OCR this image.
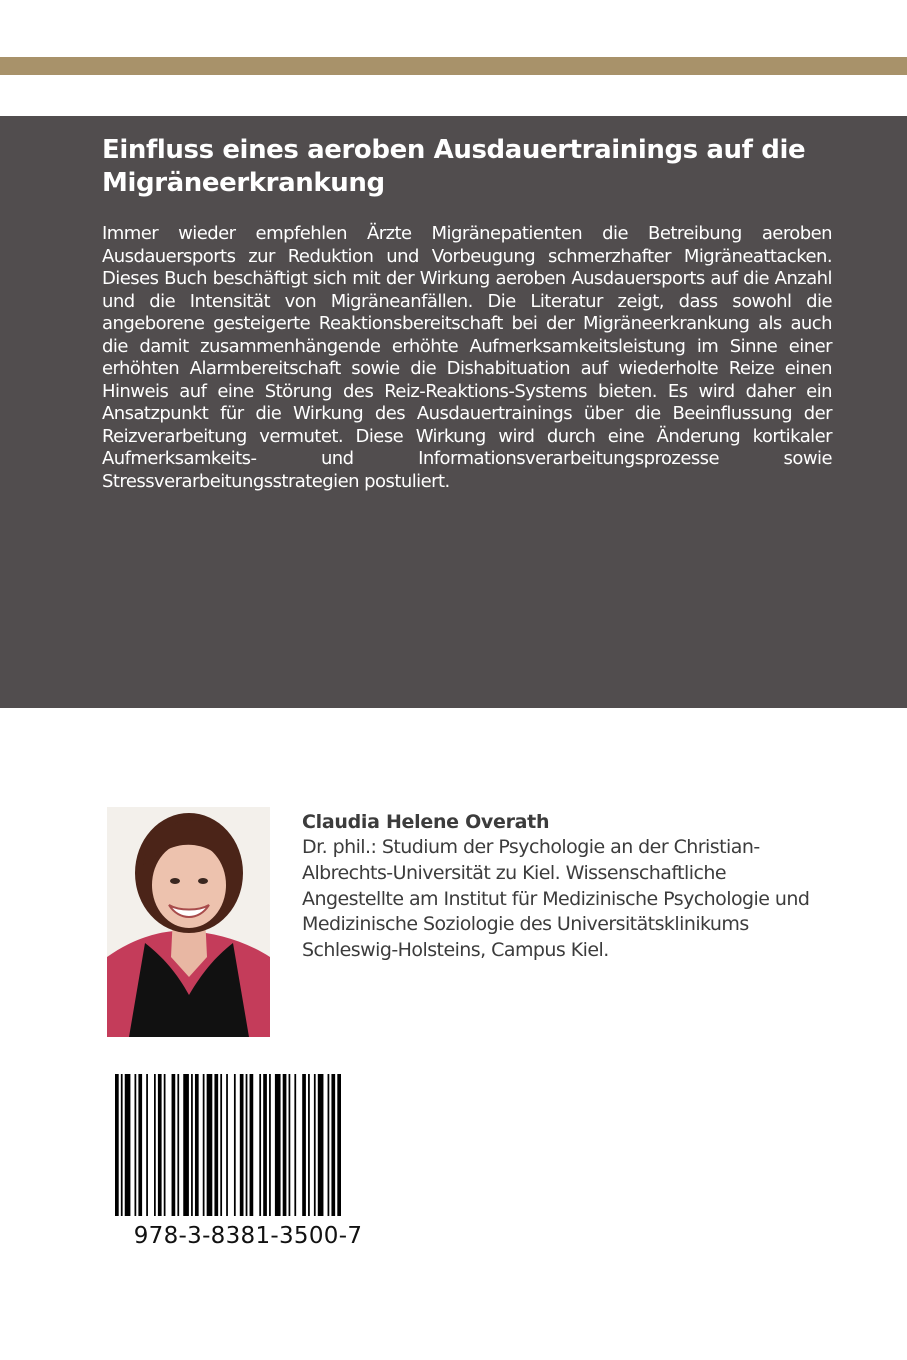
Einfluss eines aeroben Ausdauertrainings auf die Migräneerkrankung

Immer wieder empfehlen Ärzte Migränepatienten die Betreibung aeroben Ausdauersports zur Reduktion und Vorbeugung schmerzhafter Migräneattacken. Dieses Buch beschäftigt sich mit der Wirkung aeroben Ausdauersports auf die Anzahl und die Intensität von Migräneanfällen. Die Literatur zeigt, dass sowohl die angeborene gesteigerte Reaktionsbereitschaft bei der Migräneerkrankung als auch die damit zusammenhängende erhöhte Aufmerksamkeitsleistung im Sinne einer erhöhten Alarmbereitschaft sowie die Dishabituation auf wiederholte Reize einen Hinweis auf eine Störung des Reiz-Reaktions-Systems bieten. Es wird daher ein Ansatzpunkt für die Wirkung des Ausdauertrainings über die Beeinflussung der Reizverarbeitung vermutet. Diese Wirkung wird durch eine Änderung kortikaler Aufmerksamkeits- und Informationsverarbeitungsprozesse sowie Stressverarbeitungsstrategien postuliert.

Claudia Helene Overath

Dr. phil.: Studium der Psychologie an der Christian-Albrechts-Universität zu Kiel. Wissenschaftliche Angestellte am Institut für Medizinische Psychologie und Medizinische Soziologie des Universitätsklinikums Schleswig-Holsteins, Campus Kiel.

978-3-8381-3500-7
